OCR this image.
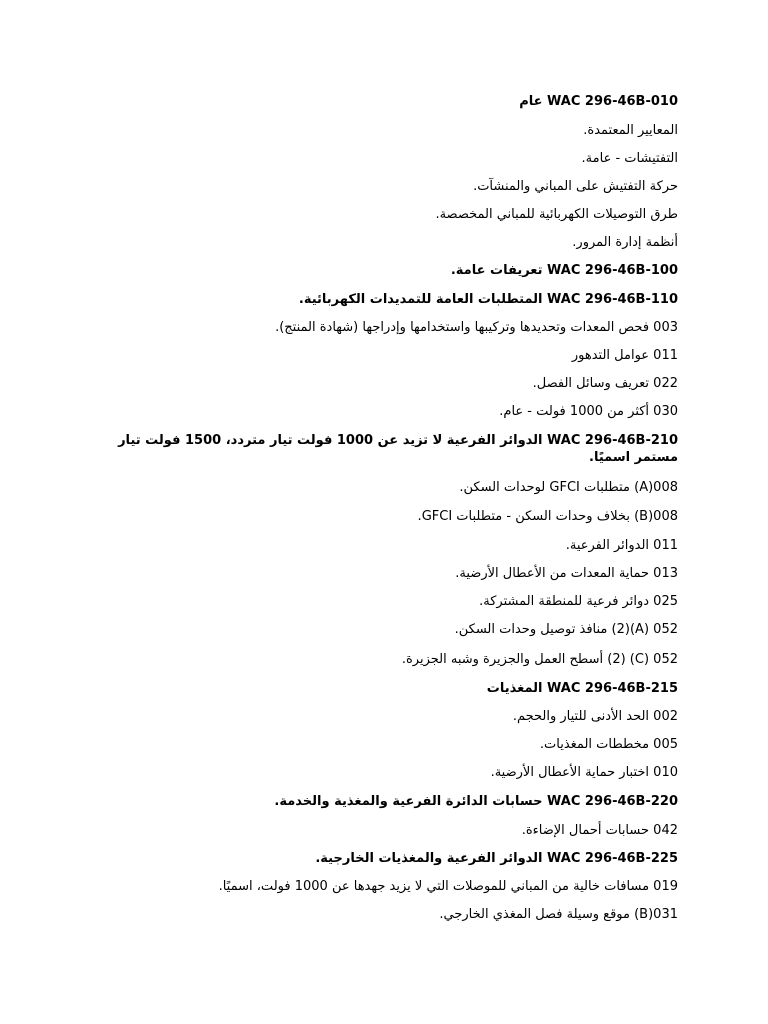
WAC 296-46B-010 عام
المعايير المعتمدة.
التفتيشات - عامة.
حركة التفتيش على المباني والمنشآت.
طرق التوصيلات الكهربائية للمباني المخصصة.
أنظمة إدارة المرور.
WAC 296-46B-100 تعريفات عامة.
WAC 296-46B-110 المتطلبات العامة للتمديدات الكهربائية.
003 فحص المعدات وتحديدها وتركيبها واستخدامها وإدراجها (شهادة المنتج).
011 عوامل التدهور
022 تعريف وسائل الفصل.
030 أكثر من 1000 فولت - عام.
WAC 296-46B-210 الدوائر الفرعية لا تزيد عن 1000 فولت تيار متردد، 1500 فولت تيار مستمر اسميًا.
008(A) متطلبات GFCI لوحدات السكن.
008(B) بخلاف وحدات السكن - متطلبات GFCI.
011 الدوائر الفرعية.
013 حماية المعدات من الأعطال الأرضية.
025 دوائر فرعية للمنطقة المشتركة.
052 (A)(2) منافذ توصيل وحدات السكن.
052 (C) (2) أسطح العمل والجزيرة وشبه الجزيرة.
WAC 296-46B-215 المغذيات
002 الحد الأدنى للتيار والحجم.
005 مخططات المغذيات.
010 اختبار حماية الأعطال الأرضية.
WAC 296-46B-220 حسابات الدائرة الفرعية والمغذية والخدمة.
042 حسابات أحمال الإضاءة.
WAC 296-46B-225 الدوائر الفرعية والمغذيات الخارجية.
019 مسافات خالية من المباني للموصلات التي لا يزيد جهدها عن 1000 فولت، اسميًا.
031(B) موقع وسيلة فصل المغذي الخارجي.
